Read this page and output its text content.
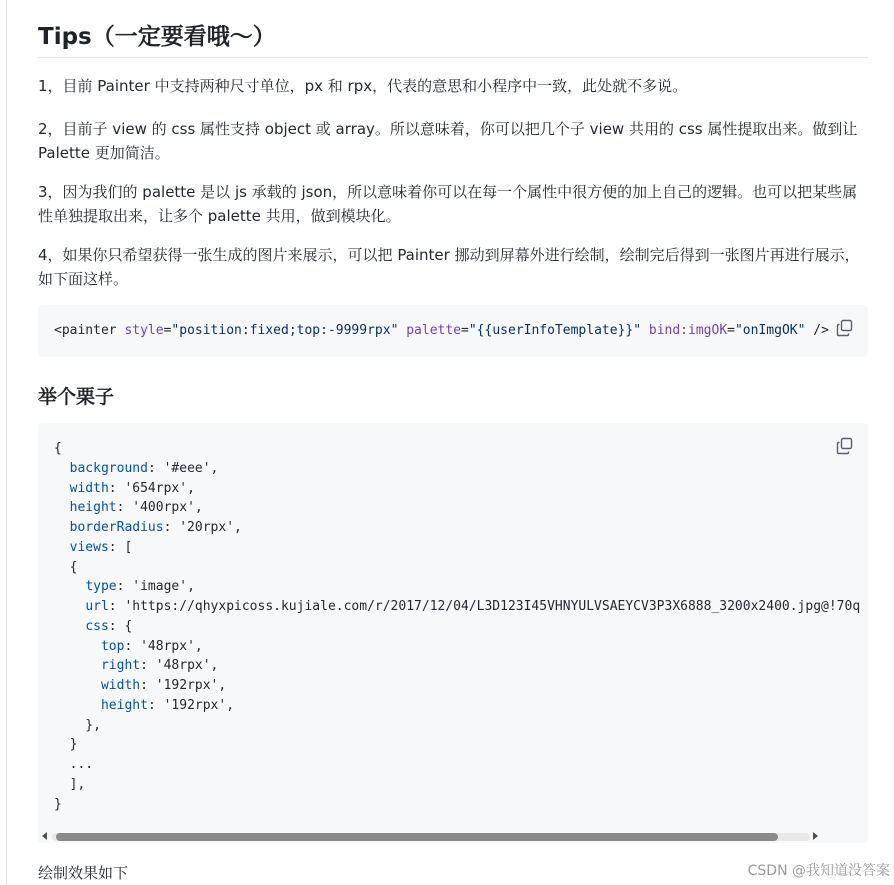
Tips（一定要看哦～）
1，目前 Painter 中支持两种尺寸单位，px 和 rpx，代表的意思和小程序中一致，此处就不多说。
2，目前子 view 的 css 属性支持 object 或 array。所以意味着，你可以把几个子 view 共用的 css 属性提取出来。做到让 Palette 更加简洁。
3，因为我们的 palette 是以 js 承载的 json，所以意味着你可以在每一个属性中很方便的加上自己的逻辑。也可以把某些属性单独提取出来，让多个 palette 共用，做到模块化。
4，如果你只希望获得一张生成的图片来展示，可以把 Painter 挪动到屏幕外进行绘制，绘制完后得到一张图片再进行展示，如下面这样。
<painter style="position:fixed;top:-9999rpx" palette="{{userInfoTemplate}}" bind:imgOK="onImgOK" />
举个栗子
{
background: '#eee',
width: '654rpx',
height: '400rpx',
borderRadius: '20rpx',
views: [
{
type: 'image',
url: 'https://qhyxpicoss.kujiale.com/r/2017/12/04/L3D123I45VHNYULVSAEYCV3P3X6888_3200x2400.jpg@!70q
css: {
top: '48rpx',
right: '48rpx',
width: '192rpx',
height: '192rpx',
},
}
...
],
}
绘制效果如下	CSDN @我知道没答案
